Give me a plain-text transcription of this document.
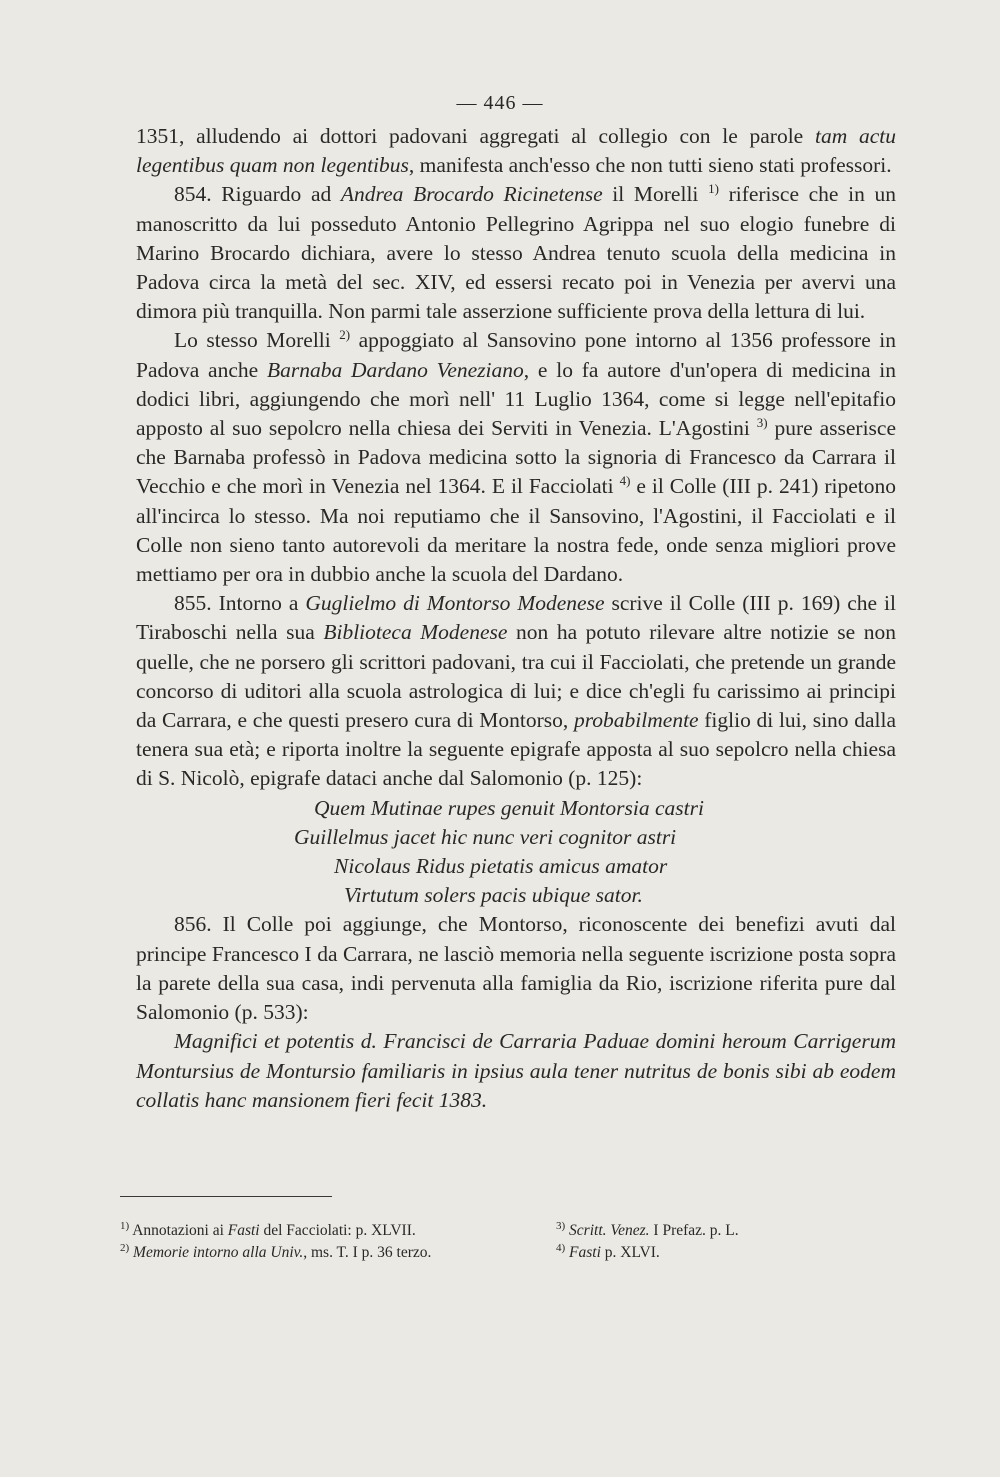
— 446 —

1351, alludendo ai dottori padovani aggregati al collegio con le parole tam actu legentibus quam non legentibus, manifesta anch'esso che non tutti sieno stati professori.

854. Riguardo ad Andrea Brocardo Ricinetense il Morelli $^{1)}$ riferisce che in un manoscritto da lui posseduto Antonio Pellegrino Agrippa nel suo elogio funebre di Marino Brocardo dichiara, avere lo stesso Andrea tenuto scuola della medicina in Padova circa la metà del sec. XIV, ed essersi recato poi in Venezia per avervi una dimora più tranquilla. Non parmi tale asserzione sufficiente prova della lettura di lui.

Lo stesso Morelli $^{2)}$ appoggiato al Sansovino pone intorno al 1356 professore in Padova anche Barnaba Dardano Veneziano, e lo fa autore d'un'opera di medicina in dodici libri, aggiungendo che morì nell' 11 Luglio 1364, come si legge nell'epitafio apposto al suo sepolcro nella chiesa dei Serviti in Venezia. L'Agostini $^{3)}$ pure asserisce che Barnaba professò in Padova medicina sotto la signoria di Francesco da Carrara il Vecchio e che morì in Venezia nel 1364. E il Facciolati $^{4)}$ e il Colle (III p. 241) ripetono all'incirca lo stesso. Ma noi reputiamo che il Sansovino, l'Agostini, il Facciolati e il Colle non sieno tanto autorevoli da meritare la nostra fede, onde senza migliori prove mettiamo per ora in dubbio anche la scuola del Dardano.

855. Intorno a Guglielmo di Montorso Modenese scrive il Colle (III p. 169) che il Tiraboschi nella sua Biblioteca Modenese non ha potuto rilevare altre notizie se non quelle, che ne porsero gli scrittori padovani, tra cui il Facciolati, che pretende un grande concorso di uditori alla scuola astrologica di lui; e dice ch'egli fu carissimo ai principi da Carrara, e che questi presero cura di Montorso, probabilmente figlio di lui, sino dalla tenera sua età; e riporta inoltre la seguente epigrafe apposta al suo sepolcro nella chiesa di S. Nicolò, epigrafe dataci anche dal Salomonio (p. 125):

Quem Mutinae rupes genuit Montorsia castri

Guillelmus jacet hic nunc veri cognitor astri

Nicolaus Ridus pietatis amicus amator

Virtutum solers pacis ubique sator.

856. Il Colle poi aggiunge, che Montorso, riconoscente dei benefizi avuti dal principe Francesco I da Carrara, ne lasciò memoria nella seguente iscrizione posta sopra la parete della sua casa, indi pervenuta alla famiglia da Rio, iscrizione riferita pure dal Salomonio (p. 533):

Magnifici et potentis d. Francisci de Carraria Paduae domini heroum Carrigerum Montursius de Montursio familiaris in ipsius aula tener nutritus de bonis sibi ab eodem collatis hanc mansionem fieri fecit 1383.

$^{1)}$ Annotazioni ai Fasti del Facciolati: p. XLVII.

$^{2)}$ Memorie intorno alla Univ., ms. T. I p. 36 terzo.

$^{3)}$ Scritt. Venez. I Prefaz. p. L.

$^{4)}$ Fasti p. XLVI.
